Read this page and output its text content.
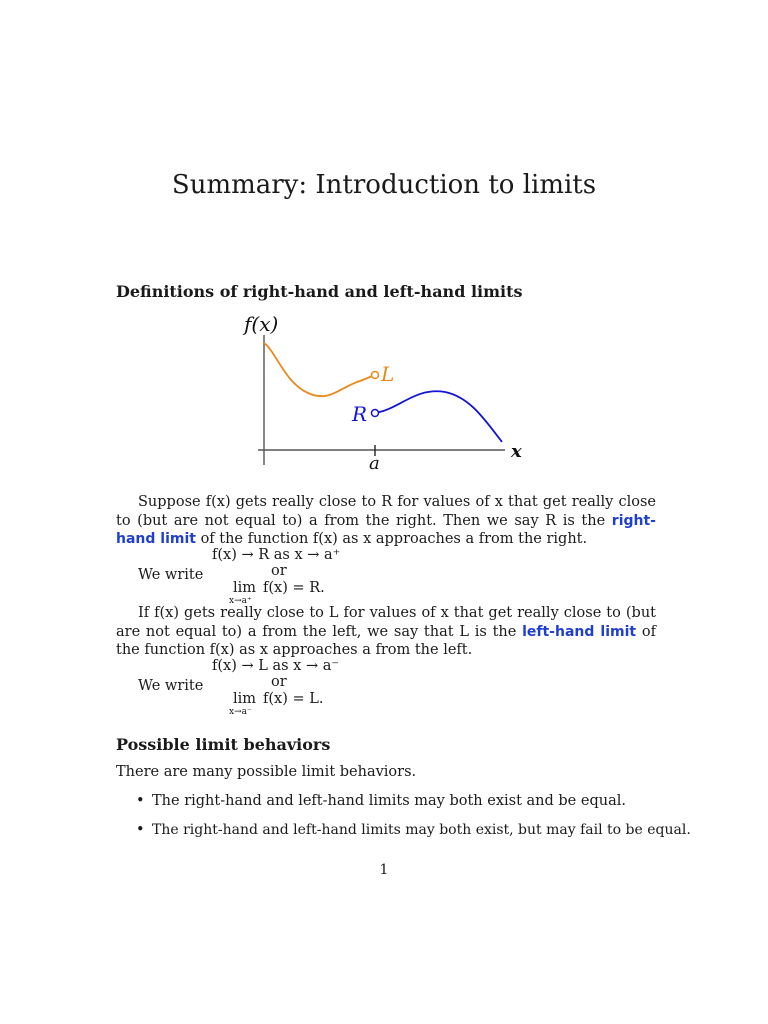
Summary: Introduction to limits
Definitions of right-hand and left-hand limits
f(x)
x
a
L
R
Suppose f(x) gets really close to R for values of x that get really close to (but are not equal to) a from the right. Then we say R is the right-hand limit of the function f(x) as x approaches a from the right.
f(x) → R as x → a⁺
We write	or
lim f(x) = R.
x→a⁺
If f(x) gets really close to L for values of x that get really close to (but are not equal to) a from the left, we say that L is the left-hand limit of the function f(x) as x approaches a from the left.
f(x) → L as x → a⁻
We write	or
lim f(x) = L.
x→a⁻
Possible limit behaviors
There are many possible limit behaviors.
• The right-hand and left-hand limits may both exist and be equal.
• The right-hand and left-hand limits may both exist, but may fail to be equal.
1
